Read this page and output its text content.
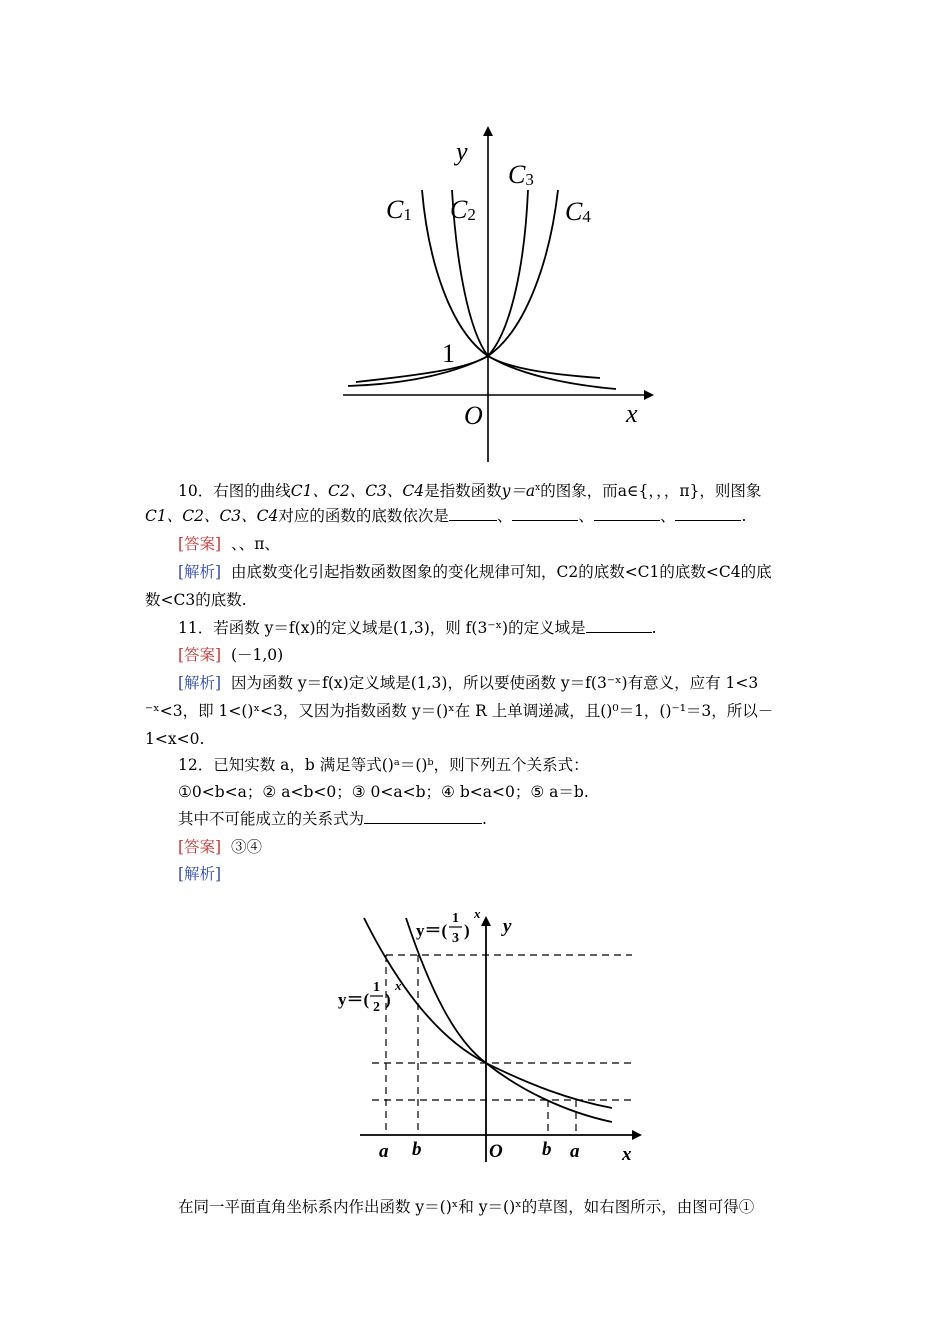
y
x
O
1
C1 C2
C3
C4
10．右图的曲线C1、C2、C3、C4是指数函数$y=a^x$的图象，而a∈{，，，π}，则图象
C1、C2、C3、C4对应的函数的底数依次是	、	、	、	.
[答案] 、、π、
[解析] 由底数变化引起指数函数图象的变化规律可知，C2的底数<C1的底数<C4的底
数<C3的底数.
11．若函数 y＝f(x)的定义域是(1,3)，则 f(3⁻ˣ)的定义域是	.
[答案] (－1,0)
[解析] 因为函数 y＝f(x)定义域是(1,3)，所以要使函数 y＝f(3⁻ˣ)有意义，应有 1<3
⁻ˣ<3，即 1<()ˣ<3，又因为指数函数 y＝()ˣ在 R 上单调递减，且()⁰＝1，()⁻¹＝3，所以－
1<x<0.
12．已知实数 a，b 满足等式()ᵃ＝()ᵇ，则下列五个关系式：
①0<b<a；② a<b<0；③ 0<a<b；④ b<a<0；⑤ a＝b.
其中不可能成立的关系式为	.
[答案] ③④
[解析]
y＝(
1
3 )
x
y＝(
1
2 )
x
y
x
O
a b	b a
在同一平面直角坐标系内作出函数 y＝()ˣ和 y＝()ˣ的草图，如右图所示，由图可得①
